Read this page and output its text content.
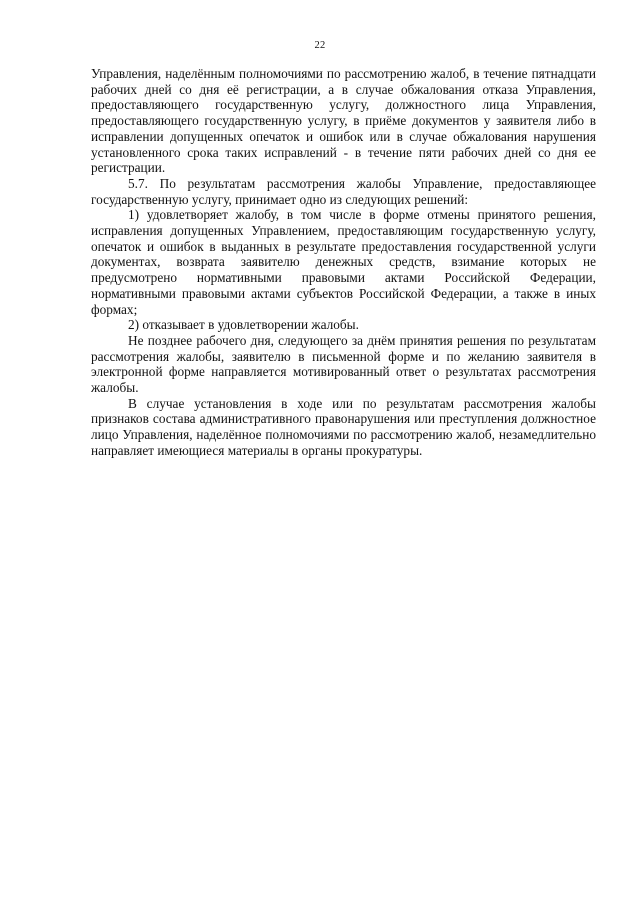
22

Управления, наделённым полномочиями по рассмотрению жалоб, в течение пятнадцати рабочих дней со дня её регистрации, а в случае обжалования отказа Управления, предоставляющего государственную услугу, должностного лица Управления, предоставляющего государственную услугу, в приёме документов у заявителя либо в исправлении допущенных опечаток и ошибок или в случае обжалования нарушения установленного срока таких исправлений - в течение пяти рабочих дней со дня ее регистрации.

5.7. По результатам рассмотрения жалобы Управление, предоставляющее государственную услугу, принимает одно из следующих решений:

1) удовлетворяет жалобу, в том числе в форме отмены принятого решения, исправления допущенных Управлением, предоставляющим государственную услугу, опечаток и ошибок в выданных в результате предоставления государственной услуги документах, возврата заявителю денежных средств, взимание которых не предусмотрено нормативными правовыми актами Российской Федерации, нормативными правовыми актами субъектов Российской Федерации, а также в иных формах;

2) отказывает в удовлетворении жалобы.

Не позднее рабочего дня, следующего за днём принятия решения по результатам рассмотрения жалобы, заявителю в письменной форме и по желанию заявителя в электронной форме направляется мотивированный ответ о результатах рассмотрения жалобы.

В случае установления в ходе или по результатам рассмотрения жалобы признаков состава административного правонарушения или преступления должностное лицо Управления, наделённое полномочиями по рассмотрению жалоб, незамедлительно направляет имеющиеся материалы в органы прокуратуры.
